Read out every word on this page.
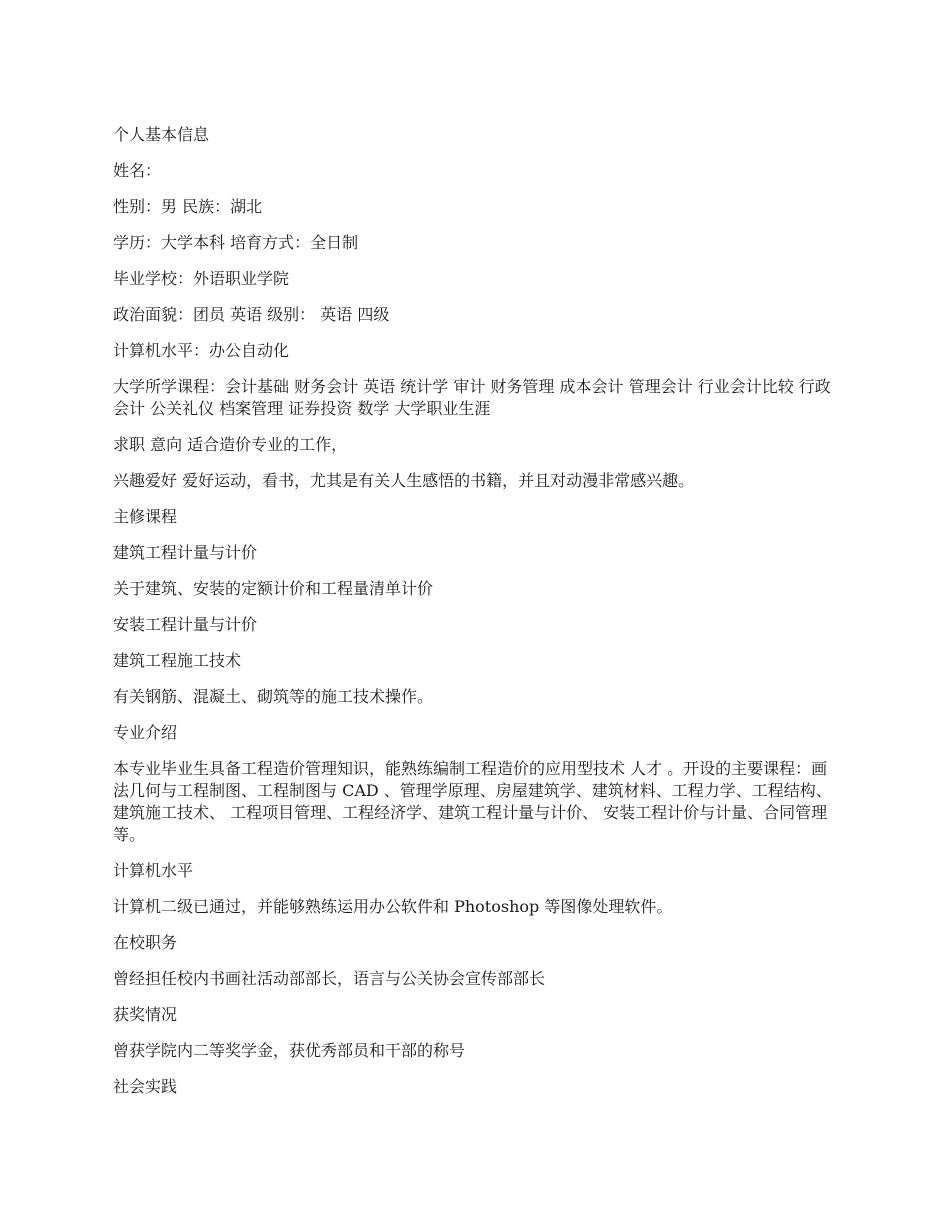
个人基本信息

姓名：

性别：男 民族：湖北

学历：大学本科 培育方式：全日制

毕业学校：外语职业学院

政治面貌：团员 英语 级别： 英语 四级

计算机水平：办公自动化

大学所学课程：会计基础 财务会计 英语 统计学 审计 财务管理 成本会计 管理会计 行业会计比较 行政会计 公关礼仪 档案管理 证券投资 数学 大学职业生涯

求职 意向 适合造价专业的工作，

兴趣爱好 爱好运动，看书，尤其是有关人生感悟的书籍，并且对动漫非常感兴趣。

主修课程

建筑工程计量与计价

关于建筑、安装的定额计价和工程量清单计价

安装工程计量与计价

建筑工程施工技术

有关钢筋、混凝土、砌筑等的施工技术操作。

专业介绍

本专业毕业生具备工程造价管理知识，能熟练编制工程造价的应用型技术 人才 。开设的主要课程：画法几何与工程制图、工程制图与 CAD 、管理学原理、房屋建筑学、建筑材料、工程力学、工程结构、建筑施工技术、 工程项目管理、工程经济学、建筑工程计量与计价、 安装工程计价与计量、合同管理等。

计算机水平

计算机二级已通过，并能够熟练运用办公软件和 Photoshop 等图像处理软件。

在校职务

曾经担任校内书画社活动部部长，语言与公关协会宣传部部长

获奖情况

曾获学院内二等奖学金，获优秀部员和干部的称号

社会实践
